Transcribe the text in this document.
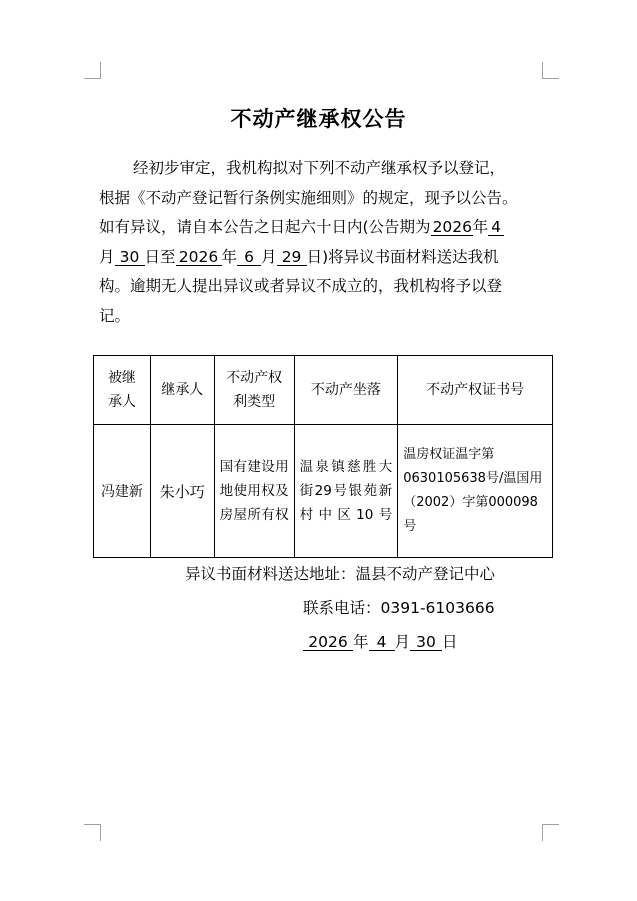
不动产继承权公告
经初步审定，我机构拟对下列不动产继承权予以登记，
根据《不动产登记暂行条例实施细则》的规定，现予以公告。
如有异议，请自本公告之日起六十日内(公告期为 2026年 4
月 30 日至 2026 年 6 月 29 日)将异议书面材料送达我机
构。逾期无人提出异议或者异议不成立的，我机构将予以登
记。
被继承人	继承人	不动产权利类型	不动产坐落	不动产权证书号
冯建新	朱小巧	国有建设用地使用权及房屋所有权	温泉镇慈胜大街29号银苑新村中区10号	温房权证温字第0630105638号/温国用（2002）字第000098号
异议书面材料送达地址：温县不动产登记中心
联系电话：0391-6103666
2026 年 4 月 30 日
